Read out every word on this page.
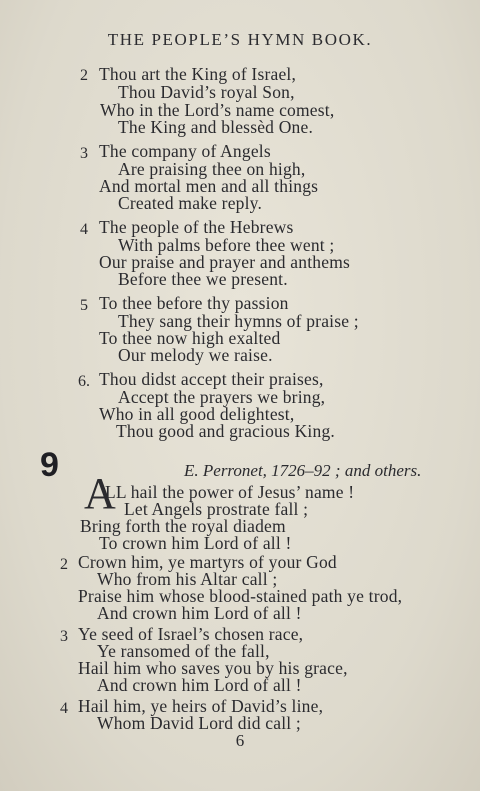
THE PEOPLE’S HYMN BOOK.
2 Thou art the King of Israel,
Thou David’s royal Son,
Who in the Lord’s name comest,
The King and blessèd One.
3 The company of Angels
Are praising thee on high,
And mortal men and all things
Created make reply.
4 The people of the Hebrews
With palms before thee went ;
Our praise and prayer and anthems
Before thee we present.
5 To thee before thy passion
They sang their hymns of praise ;
To thee now high exalted
Our melody we raise.
6. Thou didst accept their praises,
Accept the prayers we bring,
Who in all good delightest,
Thou good and gracious King.
9	E. Perronet, 1726–92 ; and others.
A
LL hail the power of Jesus’ name !
Let Angels prostrate fall ;
Bring forth the royal diadem
To crown him Lord of all !
2 Crown him, ye martyrs of your God
Who from his Altar call ;
Praise him whose blood-stained path ye trod,
And crown him Lord of all !
3 Ye seed of Israel’s chosen race,
Ye ransomed of the fall,
Hail him who saves you by his grace,
And crown him Lord of all !
4 Hail him, ye heirs of David’s line,
Whom David Lord did call ;
6
